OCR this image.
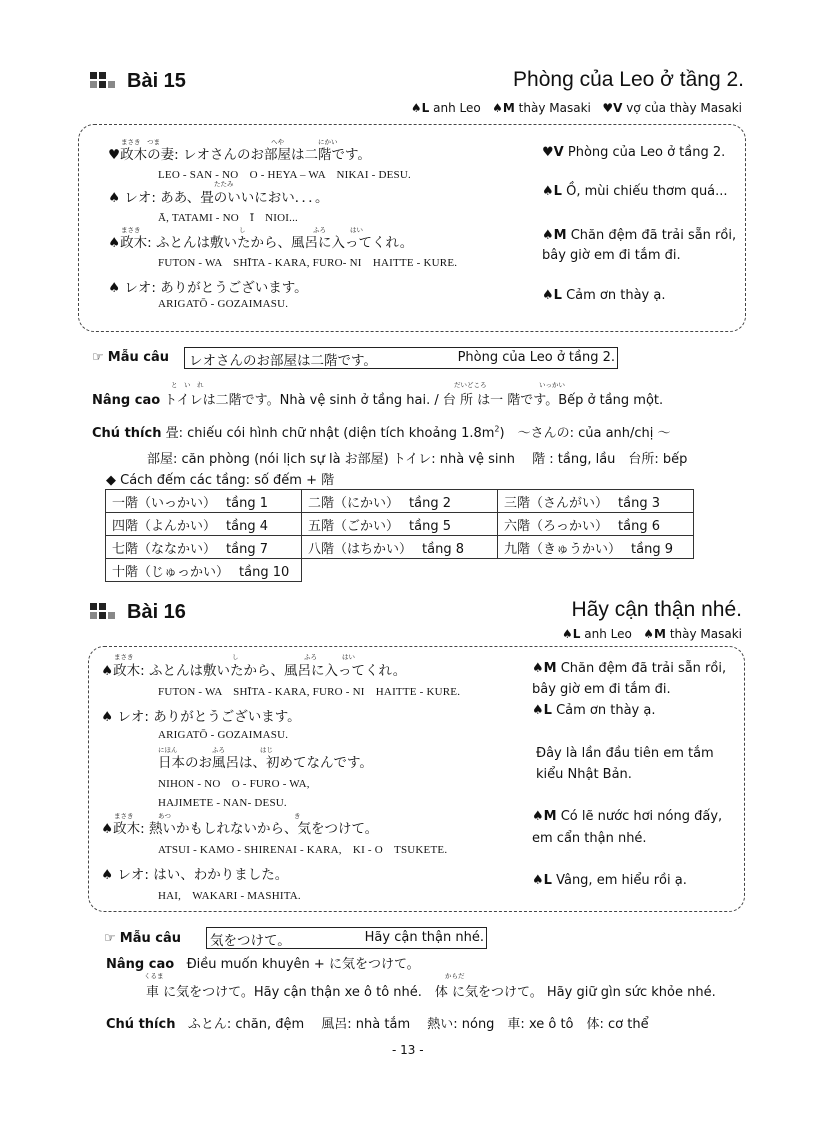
Bài 15	Phòng của Leo ở tầng 2.
♠L anh Leo ♠M thày Masaki ♥V vợ của thày Masaki
まさき　つま	へや	にかい
たたみ
まさき	し	ふろ	はい
♥政木の妻: レオさんのお部屋は二階です。
LEO - SAN - NO　O - HEYA – WA　NIKAI - DESU.
♠ レオ: ああ、畳のいいにおい．．．。
Ā, TATAMI - NO　Ī　NIOI...
♠政木: ふとんは敷いたから、風呂に入ってくれ。
FUTON - WA　SHĪTA - KARA, FURO- NI　HAITTE - KURE.
♠ レオ: ありがとうございます。
ARIGATŌ - GOZAIMASU.
♥V Phòng của Leo ở tầng 2.
♠L Ồ, mùi chiếu thơm quá...
♠M Chăn đệm đã trải sẵn rồi,
bây giờ em đi tắm đi.
♠L Cảm ơn thày ạ.
☞ Mẫu câu レオさんのお部屋は二階です。	Phòng của Leo ở tầng 2.
と　い　れ	だいどころ	いっかい
Nâng cao トイレは二階です。Nhà vệ sinh ở tầng hai. / 台 所 は一 階です。Bếp ở tầng một.
Chú thích 畳: chiếu cói hình chữ nhật (diện tích khoảng $1.8m^2$)　～さんの: của anh/chị ～
部屋: căn phòng (nói lịch sự là お部屋) トイレ: nhà vệ sinh　 階 : tầng, lầu　台所: bếp
◆ Cách đếm các tầng: số đếm + 階
一階（いっかい） tầng 1	二階（にかい） tầng 2	三階（さんがい） tầng 3
四階（よんかい） tầng 4	五階（ごかい） tầng 5	六階（ろっかい） tầng 6
七階（ななかい） tầng 7	八階（はちかい） tầng 8	九階（きゅうかい） tầng 9
十階（じゅっかい） tầng 10		
Bài 16	Hãy cận thận nhé.
♠L anh Leo ♠M thày Masaki
まさき	し	ふろ	はい
にほん	ふろ	はじ
まさき	あつ	き
♠政木: ふとんは敷いたから、風呂に入ってくれ。
FUTON - WA　SHĪTA - KARA, FURO - NI　HAITTE - KURE.
♠ レオ: ありがとうございます。
ARIGATŌ - GOZAIMASU.
日本のお風呂は、初めてなんです。
NIHON - NO　O - FURO - WA,
HAJIMETE - NAN- DESU.
♠政木: 熱いかもしれないから、気をつけて。
ATSUI - KAMO - SHIRENAI - KARA,　KI - O　TSUKETE.
♠ レオ: はい、わかりました。
HAI,　WAKARI - MASHITA.
♠M Chăn đệm đã trải sẵn rồi,
bây giờ em đi tắm đi.
♠L Cảm ơn thày ạ.
Đây là lần đầu tiên em tắm
kiểu Nhật Bản.
♠M Có lẽ nước hơi nóng đấy,
em cẩn thận nhé.
♠L Vâng, em hiểu rồi ạ.
☞ Mẫu câu 気をつけて。	Hãy cận thận nhé.
Nâng cao Điều muốn khuyên + に気をつけて。
くるま	からだ
車 に気をつけて。Hãy cận thận xe ô tô nhé.　体 に気をつけて。 Hãy giữ gìn sức khỏe nhé.
Chú thích ふとん: chăn, đệm　 風呂: nhà tắm　 熱い: nóng　車: xe ô tô　体: cơ thể
- 13 -
